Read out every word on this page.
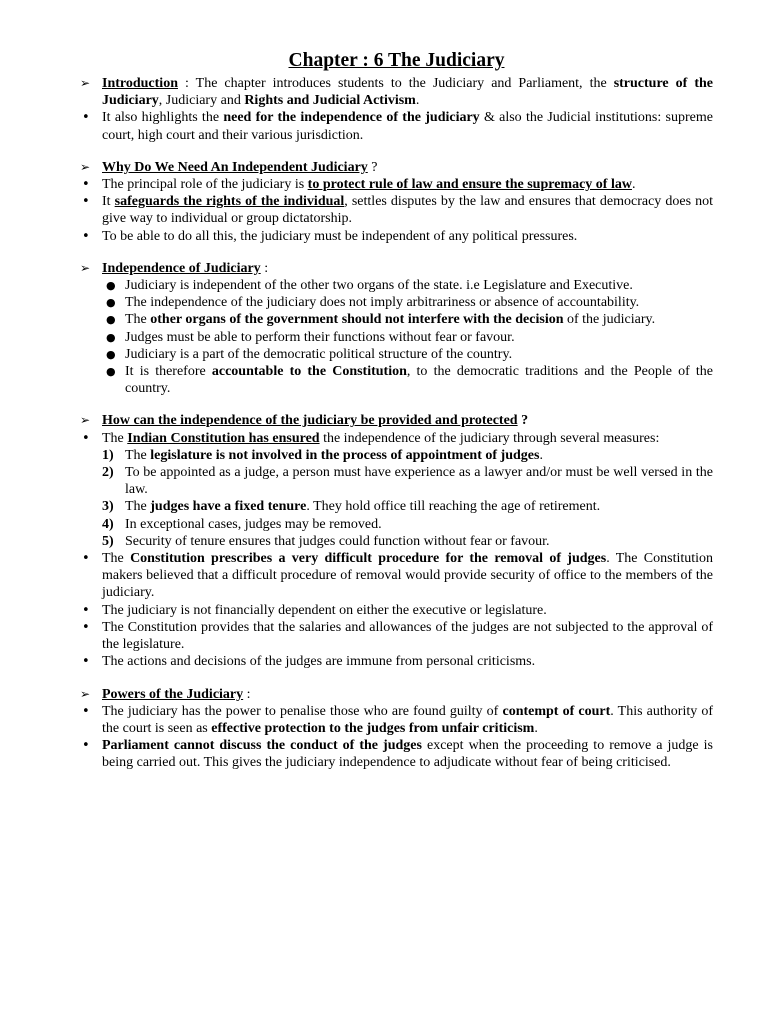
Chapter : 6 The Judiciary
➢ Introduction : The chapter introduces students to the Judiciary and Parliament, the structure of the Judiciary, Judiciary and Rights and Judicial Activism.
• It also highlights the need for the independence of the judiciary & also the Judicial institutions: supreme court, high court and their various jurisdiction.
➢ Why Do We Need An Independent Judiciary ?
• The principal role of the judiciary is to protect rule of law and ensure the supremacy of law.
• It safeguards the rights of the individual, settles disputes by the law and ensures that democracy does not give way to individual or group dictatorship.
• To be able to do all this, the judiciary must be independent of any political pressures.
➢ Independence of Judiciary :
● Judiciary is independent of the other two organs of the state. i.e Legislature and Executive.
● The independence of the judiciary does not imply arbitrariness or absence of accountability.
● The other organs of the government should not interfere with the decision of the judiciary.
● Judges must be able to perform their functions without fear or favour.
● Judiciary is a part of the democratic political structure of the country.
● It is therefore accountable to the Constitution, to the democratic traditions and the People of the country.
➢ How can the independence of the judiciary be provided and protected ?
• The Indian Constitution has ensured the independence of the judiciary through several measures:
1) The legislature is not involved in the process of appointment of judges.
2) To be appointed as a judge, a person must have experience as a lawyer and/or must be well versed in the law.
3) The judges have a fixed tenure. They hold office till reaching the age of retirement.
4) In exceptional cases, judges may be removed.
5) Security of tenure ensures that judges could function without fear or favour.
• The Constitution prescribes a very difficult procedure for the removal of judges. The Constitution makers believed that a difficult procedure of removal would provide security of office to the members of the judiciary.
• The judiciary is not financially dependent on either the executive or legislature.
• The Constitution provides that the salaries and allowances of the judges are not subjected to the approval of the legislature.
• The actions and decisions of the judges are immune from personal criticisms.
➢ Powers of the Judiciary :
• The judiciary has the power to penalise those who are found guilty of contempt of court. This authority of the court is seen as effective protection to the judges from unfair criticism.
• Parliament cannot discuss the conduct of the judges except when the proceeding to remove a judge is being carried out. This gives the judiciary independence to adjudicate without fear of being criticised.
